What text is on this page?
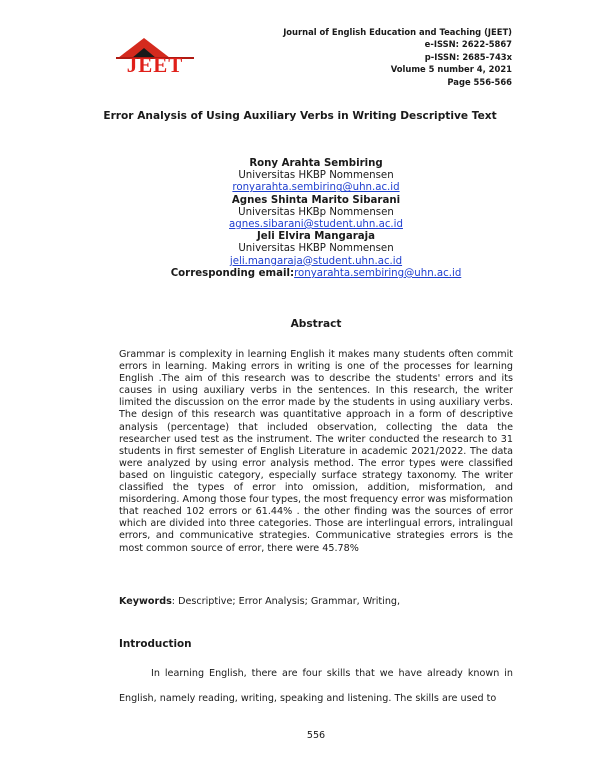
JEET
Journal of English Education and Teaching (JEET)
e-ISSN: 2622-5867
p-ISSN: 2685-743x
Volume 5 number 4, 2021
Page 556-566
Error Analysis of Using Auxiliary Verbs in Writing Descriptive Text
Rony Arahta Sembiring
Universitas HKBP Nommensen
ronyarahta.sembiring@uhn.ac.id
Agnes Shinta Marito Sibarani
Universitas HKBp Nommensen
agnes.sibarani@student.uhn.ac.id
Jeli Elvira Mangaraja
Universitas HKBP Nommensen
jeli.mangaraja@student.uhn.ac.id
Corresponding email:ronyarahta.sembiring@uhn.ac.id
Abstract

Grammar is complexity in learning English it makes many students often commit errors in learning. Making errors in writing is one of the processes for learning English .The aim of this research was to describe the students' errors and its causes in using auxiliary verbs in the sentences. In this research, the writer limited the discussion on the error made by the students in using auxiliary verbs. The design of this research was quantitative approach in a form of descriptive analysis (percentage) that included observation, collecting the data the researcher used test as the instrument. The writer conducted the research to 31 students in first semester of English Literature in academic 2021/2022. The data were analyzed by using error analysis method. The error types were classified based on linguistic category, especially surface strategy taxonomy. The writer classified the types of error into omission, addition, misformation, and misordering. Among those four types, the most frequency error was misformation that reached 102 errors or 61.44% . the other finding was the sources of error which are divided into three categories. Those are interlingual errors, intralingual errors, and communicative strategies. Communicative strategies errors is the most common source of error, there were 45.78%

Keywords: Descriptive; Error Analysis; Grammar, Writing,
Introduction

In learning English, there are four skills that we have already known in English, namely reading, writing, speaking and listening. The skills are used to

556
